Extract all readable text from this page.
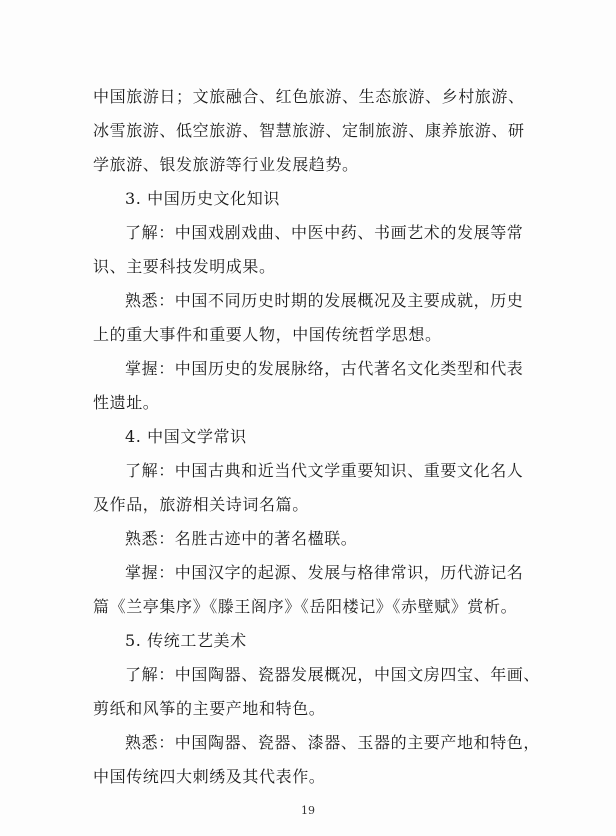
中国旅游日；文旅融合、红色旅游、生态旅游、乡村旅游、

冰雪旅游、低空旅游、智慧旅游、定制旅游、康养旅游、研

学旅游、银发旅游等行业发展趋势。

3. 中国历史文化知识

了解：中国戏剧戏曲、中医中药、书画艺术的发展等常

识、主要科技发明成果。

熟悉：中国不同历史时期的发展概况及主要成就，历史

上的重大事件和重要人物，中国传统哲学思想。

掌握：中国历史的发展脉络，古代著名文化类型和代表

性遗址。

4. 中国文学常识

了解：中国古典和近当代文学重要知识、重要文化名人

及作品，旅游相关诗词名篇。

熟悉：名胜古迹中的著名楹联。

掌握：中国汉字的起源、发展与格律常识，历代游记名

篇《兰亭集序》《滕王阁序》《岳阳楼记》《赤壁赋》赏析。

5. 传统工艺美术

了解：中国陶器、瓷器发展概况，中国文房四宝、年画、

剪纸和风筝的主要产地和特色。

熟悉：中国陶器、瓷器、漆器、玉器的主要产地和特色，

中国传统四大刺绣及其代表作。

19
